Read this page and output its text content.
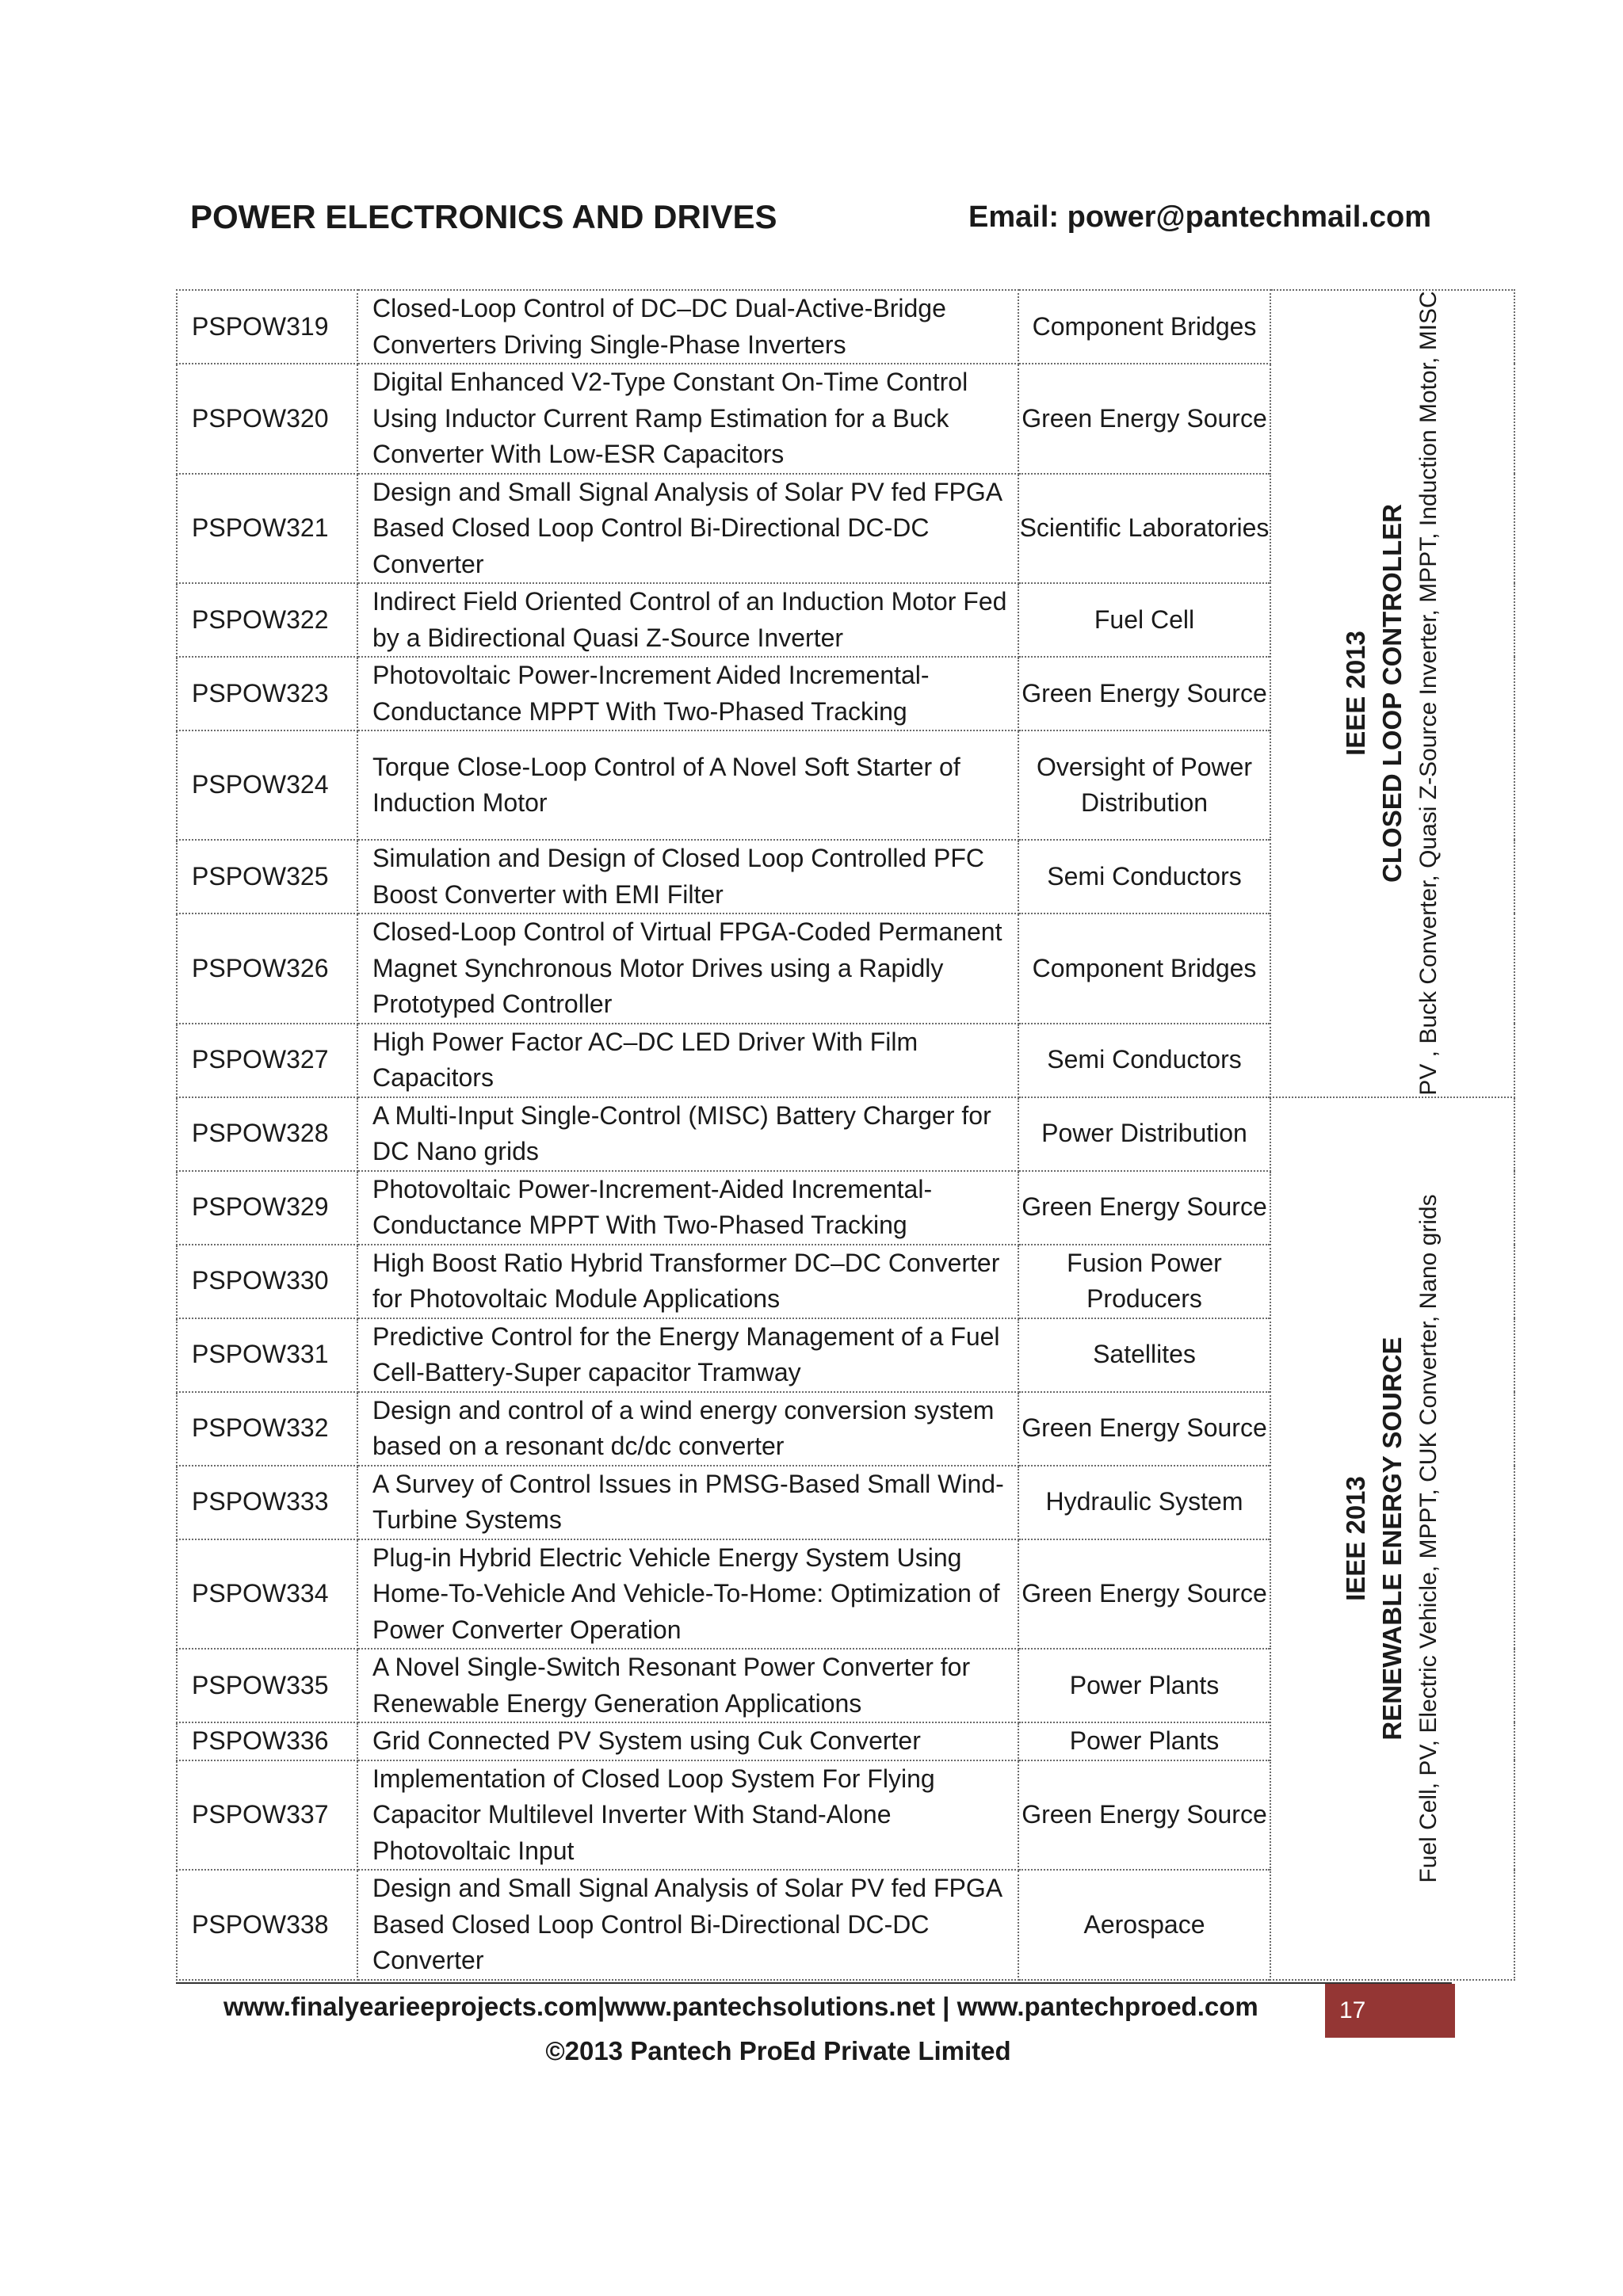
POWER ELECTRONICS AND DRIVES	Email: power@pantechmail.com
PSPOW319	Closed-Loop Control of DC–DC Dual-Active-Bridge Converters Driving Single-Phase Inverters	Component Bridges	IEEE 2013 CLOSED LOOP CONTROLLER PV , Buck Converter, Quasi Z-Source Inverter, MPPT, Induction Motor, MISC

PSPOW320	Digital Enhanced V2-Type Constant On-Time Control Using Inductor Current Ramp Estimation for a Buck Converter With Low-ESR Capacitors	Green Energy Source	
PSPOW321	Design and Small Signal Analysis of Solar PV fed FPGA Based Closed Loop Control Bi-Directional DC-DC Converter	Scientific Laboratories	
PSPOW322	Indirect Field Oriented Control of an Induction Motor Fed by a Bidirectional Quasi Z-Source Inverter	Fuel Cell	
PSPOW323	Photovoltaic Power-Increment Aided Incremental-Conductance MPPT With Two-Phased Tracking	Green Energy Source	
PSPOW324	Torque Close-Loop Control of A Novel Soft Starter of Induction Motor	Oversight of Power Distribution	
PSPOW325	Simulation and Design of Closed Loop Controlled PFC Boost Converter with EMI Filter	Semi Conductors	
PSPOW326	Closed-Loop Control of Virtual FPGA-Coded Permanent Magnet Synchronous Motor Drives using a Rapidly Prototyped Controller	Component Bridges	
PSPOW327	High Power Factor AC–DC LED Driver With Film Capacitors	Semi Conductors	
PSPOW328	A Multi-Input Single-Control (MISC) Battery Charger for DC Nano grids	Power Distribution	IEEE 2013 RENEWABLE ENERGY SOURCE Fuel Cell, PV, Electric Vehicle, MPPT, CUK Converter, Nano grids

PSPOW329	Photovoltaic Power-Increment-Aided Incremental-Conductance MPPT With Two-Phased Tracking	Green Energy Source	
PSPOW330	High Boost Ratio Hybrid Transformer DC–DC Converter for Photovoltaic Module Applications	Fusion Power Producers	
PSPOW331	Predictive Control for the Energy Management of a Fuel Cell-Battery-Super capacitor Tramway	Satellites	
PSPOW332	Design and control of a wind energy conversion system based on a resonant dc/dc converter	Green Energy Source	
PSPOW333	A Survey of Control Issues in PMSG-Based Small Wind-Turbine Systems	Hydraulic System	
PSPOW334	Plug-in Hybrid Electric Vehicle Energy System Using Home-To-Vehicle And Vehicle-To-Home: Optimization of Power Converter Operation	Green Energy Source	
PSPOW335	A Novel Single-Switch Resonant Power Converter for Renewable Energy Generation Applications	Power Plants	
PSPOW336	Grid Connected PV System using Cuk Converter	Power Plants	
PSPOW337	Implementation of Closed Loop System For Flying Capacitor Multilevel Inverter With Stand-Alone Photovoltaic Input	Green Energy Source	
PSPOW338	Design and Small Signal Analysis of Solar PV fed FPGA Based Closed Loop Control Bi-Directional DC-DC Converter	Aerospace	
www.finalyearieeprojects.com|www.pantechsolutions.net | www.pantechproed.com	17
©2013 Pantech ProEd Private Limited
